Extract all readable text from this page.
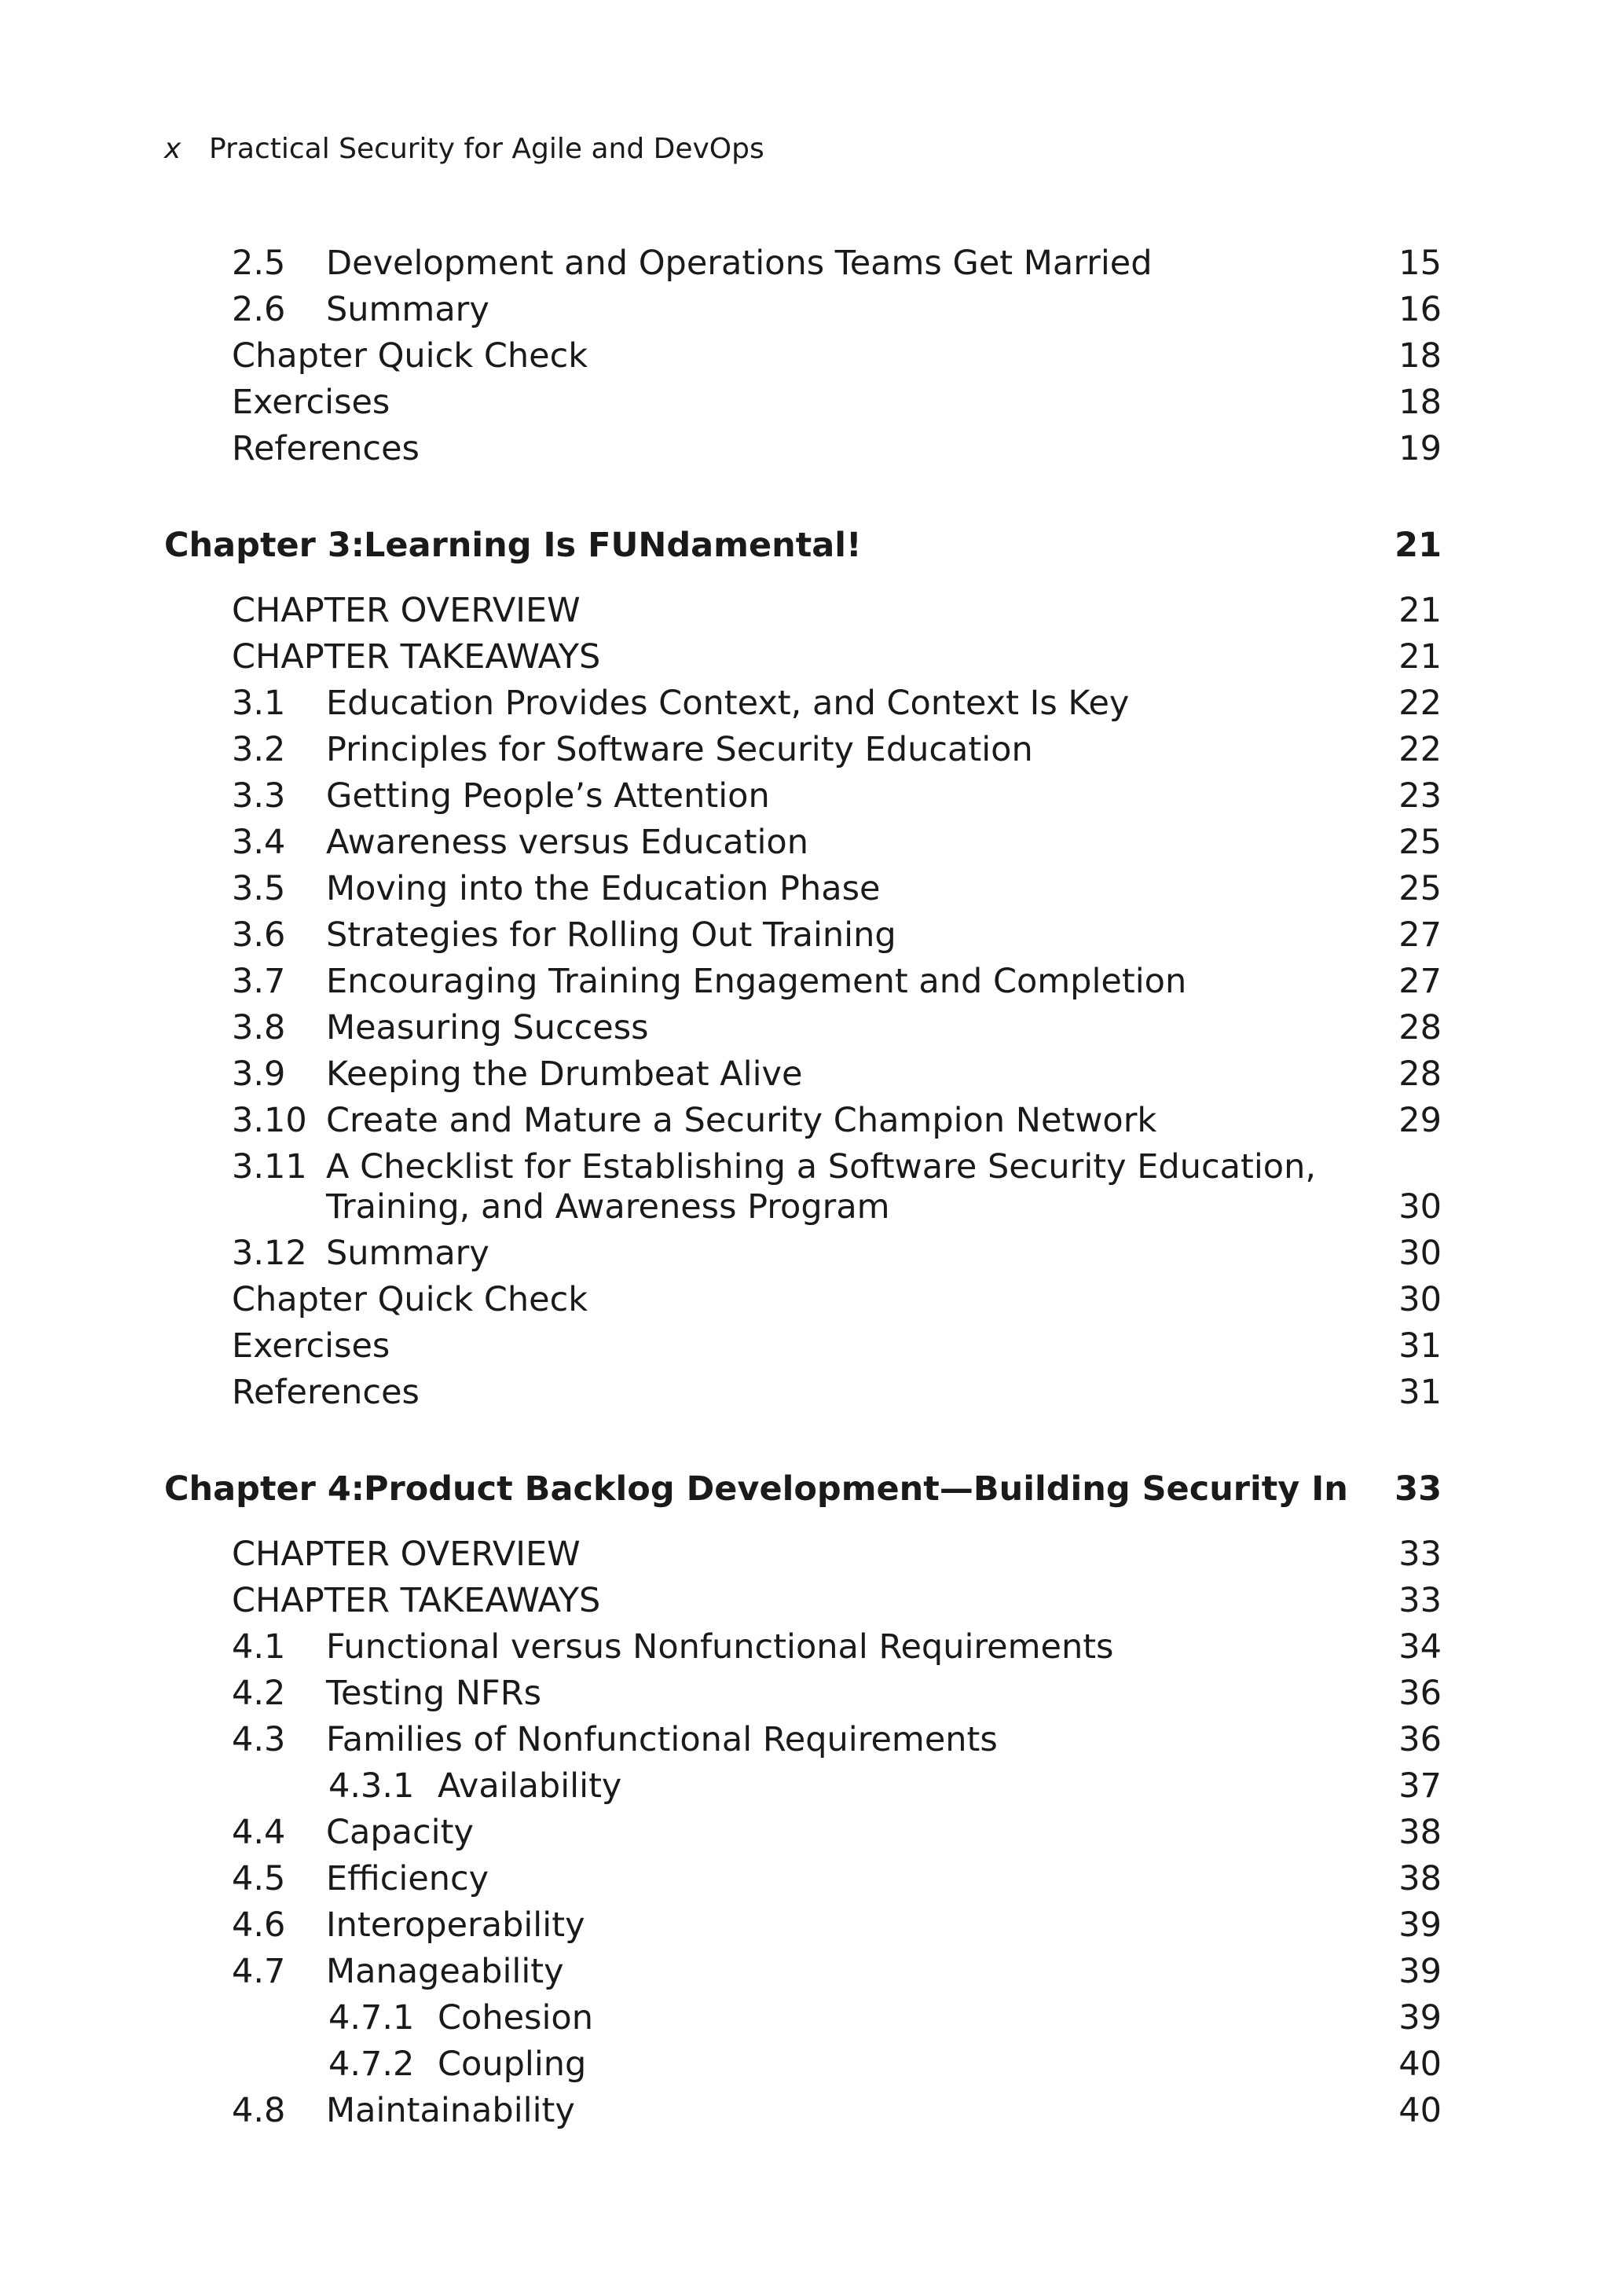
x Practical Security for Agile and DevOps
2.5 Development and Operations Teams Get Married	15
2.6 Summary	16
Chapter Quick Check	18
Exercises	18
References	19
Chapter 3: Learning Is FUNdamental!	21
CHAPTER OVERVIEW	21
CHAPTER TAKEAWAYS	21
3.1 Education Provides Context, and Context Is Key	22
3.2 Principles for Software Security Education	22
3.3 Getting People’s Attention	23
3.4 Awareness versus Education	25
3.5 Moving into the Education Phase	25
3.6 Strategies for Rolling Out Training	27
3.7 Encouraging Training Engagement and Completion	27
3.8 Measuring Success	28
3.9 Keeping the Drumbeat Alive	28
3.10 Create and Mature a Security Champion Network	29
3.11 A Checklist for Establishing a Software Security Education, Training, and Awareness Program	30
3.12 Summary	30
Chapter Quick Check	30
Exercises	31
References	31
Chapter 4: Product Backlog Development—Building Security In 33
CHAPTER OVERVIEW	33
CHAPTER TAKEAWAYS	33
4.1 Functional versus Nonfunctional Requirements	34
4.2 Testing NFRs	36
4.3 Families of Nonfunctional Requirements	36
4.3.1 Availability	37
4.4 Capacity	38
4.5 Efficiency	38
4.6 Interoperability	39
4.7 Manageability	39
4.7.1 Cohesion	39
4.7.2 Coupling	40
4.8 Maintainability	40
